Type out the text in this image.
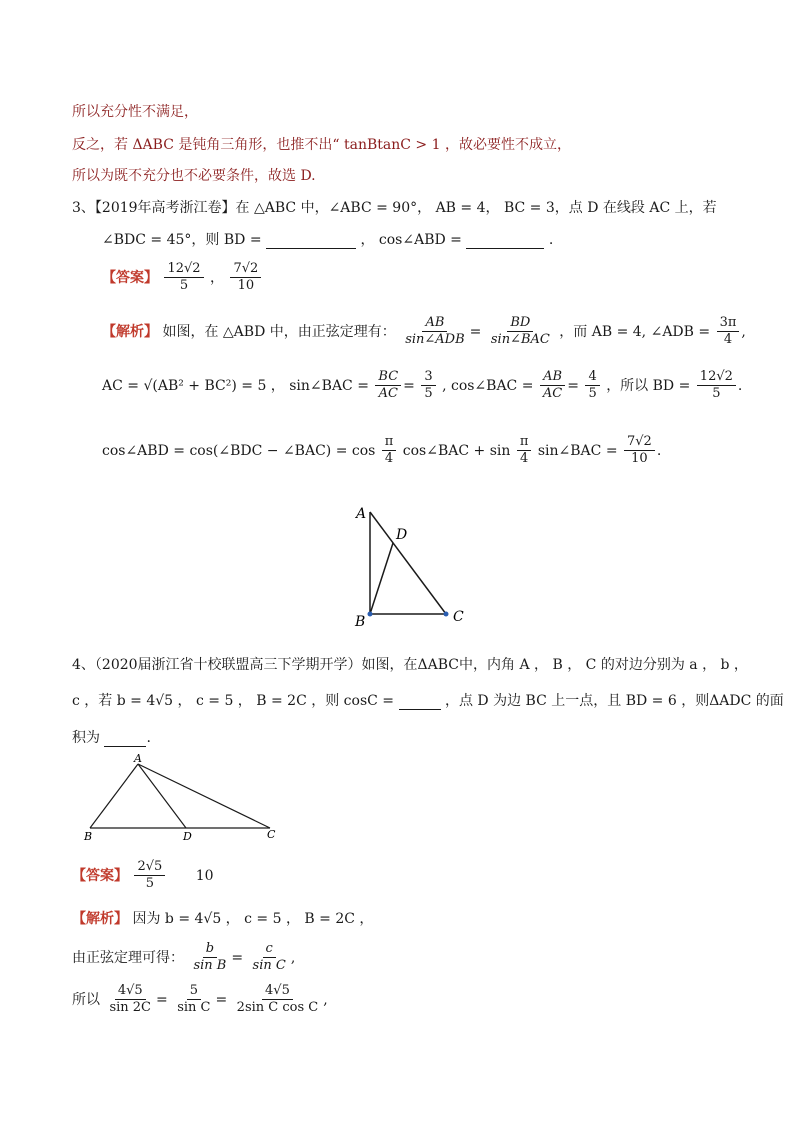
所以充分性不满足，
反之，若 ΔABC 是钝角三角形，也推不出“ tanBtanC > 1 ，故必要性不成立，
所以为既不充分也不必要条件，故选 D.
3、【2019年高考浙江卷】在 △ABC 中，∠ABC = 90°， AB = 4， BC = 3，点 D 在线段 AC 上，若
∠BDC = 45°，则 BD =	， cos∠ABD =	.
【答案】 $\frac{12√2}{5}$ ， $\frac{7√2}{10}$
【解析】 如图，在 △ABD 中，由正弦定理有： $\frac{AB}{\text{sin∠ADB}} = \frac{BD}{\text{sin∠BAC}}$ ，而 AB = 4, ∠ADB = $\frac{3\pi}{4}$ ,
AC = √(AB² + BC²) = 5 ， sin∠BAC = $\frac{BC}{AC} = \frac{3}{5}$ , cos∠BAC = $\frac{AB}{AC} = \frac{4}{5}$ ，所以 BD = $\frac{12√2}{5}$ .
cos∠ABD = cos(∠BDC − ∠BAC) = $\cos \frac{\pi}{4}$ cos∠BAC + $\sin \frac{\pi}{4}$ sin∠BAC = $\frac{7√2}{10}$ .
A
D
B	C
4、（2020届浙江省十校联盟高三下学期开学）如图，在ΔABC中，内角 A ， B ， C 的对边分别为 a ， b ，
c ，若 b = 4√5 ， c = 5 ， B = 2C ，则 cosC =	，点 D 为边 BC 上一点，且 BD = 6 ，则ΔADC 的面
积为	.
A
B	D	C
【答案】 $\frac{2√5}{5} 10$
【解析】 因为 b = 4√5 ， c = 5 ， B = 2C ，
由正弦定理可得： $\frac{b}{\text{sin B}} = \frac{c}{\text{sin C}}$ ,
所以 $\frac{4√5}{\sin 2C} = \frac{5}{\text{sin C}} = \frac{4√5}{\text{2sin C cos C}}$ ,
